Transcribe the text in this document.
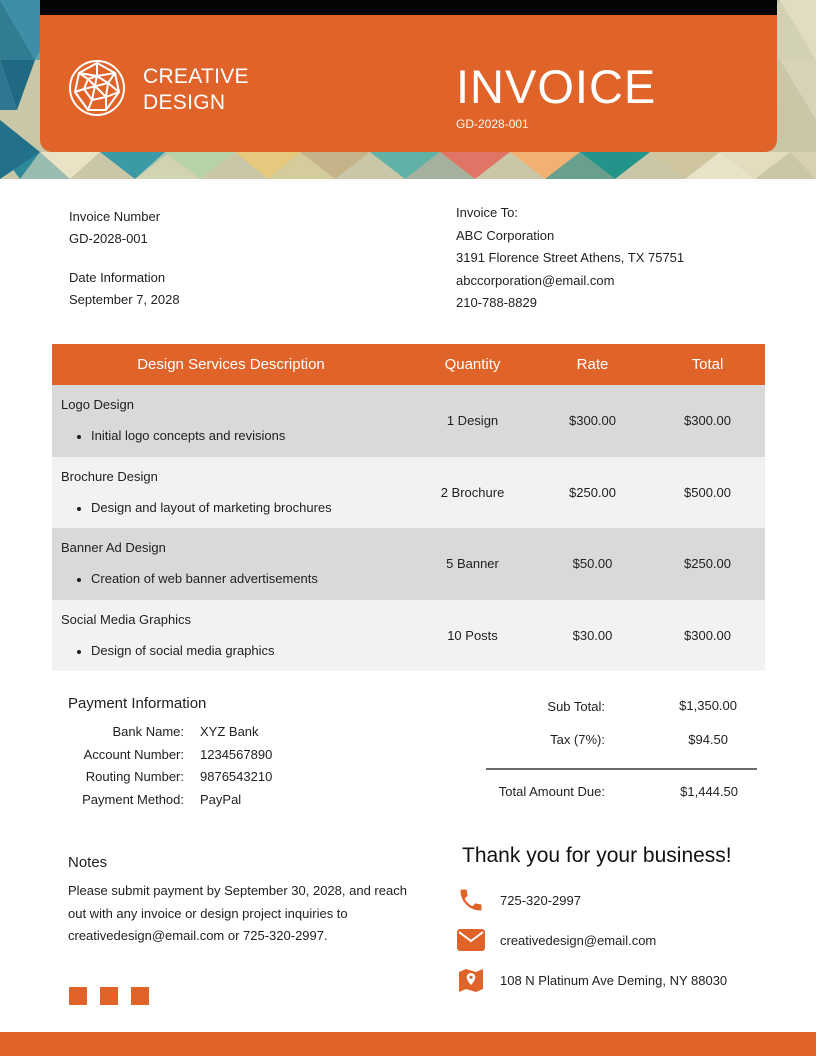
CREATIVE
DESIGN	INVOICE
GD-2028-001
Invoice Number
GD-2028-001
Date Information
September 7, 2028
Invoice To:
ABC Corporation
3191 Florence Street Athens, TX 75751
abccorporation@email.com
210-788-8829
Design Services Description	Quantity	Rate	Total
Logo Design
Initial logo concepts and revisions
1 Design	$300.00	$300.00
Brochure Design
Design and layout of marketing brochures
2 Brochure	$250.00	$500.00
Banner Ad Design
Creation of web banner advertisements
5 Banner	$50.00	$250.00
Social Media Graphics
Design of social media graphics
10 Posts	$30.00	$300.00
Payment Information
Bank Name:	XYZ Bank
Account Number:	1234567890
Routing Number:	9876543210
Payment Method:	PayPal
Sub Total:	$1,350.00
Tax (7%):	$94.50
Total Amount Due:	$1,444.50
Notes
Please submit payment by September 30, 2028, and reach out with any invoice or design project inquiries to creativedesign@email.com or 725-320-2997.
Thank you for your business!
725-320-2997
creativedesign@email.com
108 N Platinum Ave Deming, NY 88030
